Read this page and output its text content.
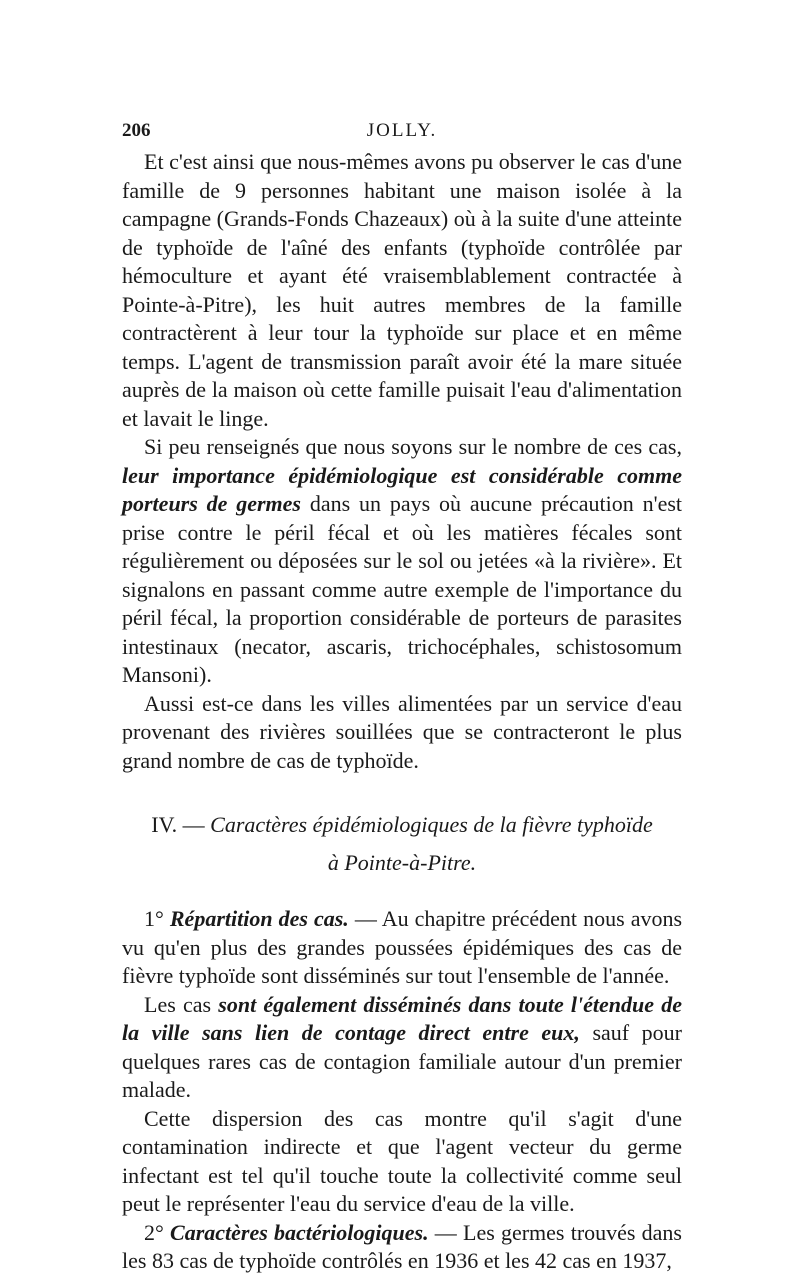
206	JOLLY.

Et c'est ainsi que nous-mêmes avons pu observer le cas d'une famille de 9 personnes habitant une maison isolée à la campagne (Grands-Fonds Chazeaux) où à la suite d'une atteinte de typhoïde de l'aîné des enfants (typhoïde contrôlée par hémoculture et ayant été vraisemblablement contractée à Pointe-à-Pitre), les huit autres membres de la famille contractèrent à leur tour la typhoïde sur place et en même temps. L'agent de transmission paraît avoir été la mare située auprès de la maison où cette famille puisait l'eau d'alimentation et lavait le linge.

Si peu renseignés que nous soyons sur le nombre de ces cas, leur importance épidémiologique est considérable comme porteurs de germes dans un pays où aucune précaution n'est prise contre le péril fécal et où les matières fécales sont régulièrement ou déposées sur le sol ou jetées «à la rivière». Et signalons en passant comme autre exemple de l'importance du péril fécal, la proportion considérable de porteurs de parasites intestinaux (necator, ascaris, trichocéphales, schistosomum Mansoni).

Aussi est-ce dans les villes alimentées par un service d'eau provenant des rivières souillées que se contracteront le plus grand nombre de cas de typhoïde.

IV. — Caractères épidémiologiques de la fièvre typhoïde
à Pointe-à-Pitre.

1° Répartition des cas. — Au chapitre précédent nous avons vu qu'en plus des grandes poussées épidémiques des cas de fièvre typhoïde sont disséminés sur tout l'ensemble de l'année.

Les cas sont également disséminés dans toute l'étendue de la ville sans lien de contage direct entre eux, sauf pour quelques rares cas de contagion familiale autour d'un premier malade.

Cette dispersion des cas montre qu'il s'agit d'une contamination indirecte et que l'agent vecteur du germe infectant est tel qu'il touche toute la collectivité comme seul peut le représenter l'eau du service d'eau de la ville.

2° Caractères bactériologiques. — Les germes trouvés dans les 83 cas de typhoïde contrôlés en 1936 et les 42 cas en 1937,
